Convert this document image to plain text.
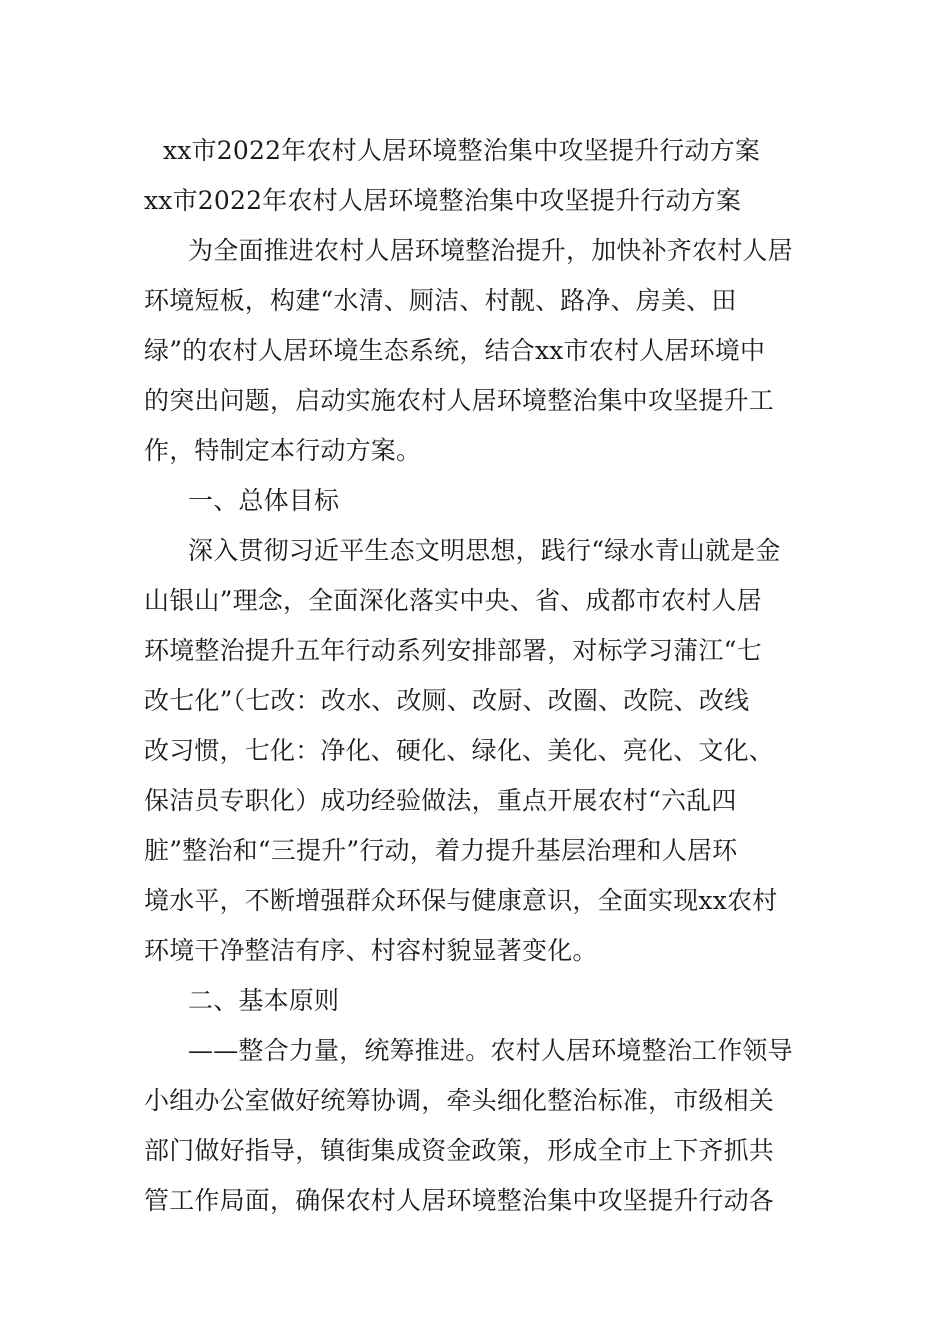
xx市2022年农村人居环境整治集中攻坚提升行动方案
xx市2022年农村人居环境整治集中攻坚提升行动方案
为全面推进农村人居环境整治提升，加快补齐农村人居
环境短板，构建“水清、厕洁、村靓、路净、房美、田
绿”的农村人居环境生态系统，结合xx市农村人居环境中
的突出问题，启动实施农村人居环境整治集中攻坚提升工
作，特制定本行动方案。
一、总体目标
深入贯彻习近平生态文明思想，践行“绿水青山就是金
山银山”理念，全面深化落实中央、省、成都市农村人居
环境整治提升五年行动系列安排部署，对标学习蒲江“七
改七化”（七改：改水、改厕、改厨、改圈、改院、改线
改习惯，七化：净化、硬化、绿化、美化、亮化、文化、
保洁员专职化）成功经验做法，重点开展农村“六乱四
脏”整治和“三提升”行动，着力提升基层治理和人居环
境水平，不断增强群众环保与健康意识，全面实现xx农村
环境干净整洁有序、村容村貌显著变化。
二、基本原则
——整合力量，统筹推进。农村人居环境整治工作领导
小组办公室做好统筹协调，牵头细化整治标准，市级相关
部门做好指导，镇街集成资金政策，形成全市上下齐抓共
管工作局面，确保农村人居环境整治集中攻坚提升行动各
